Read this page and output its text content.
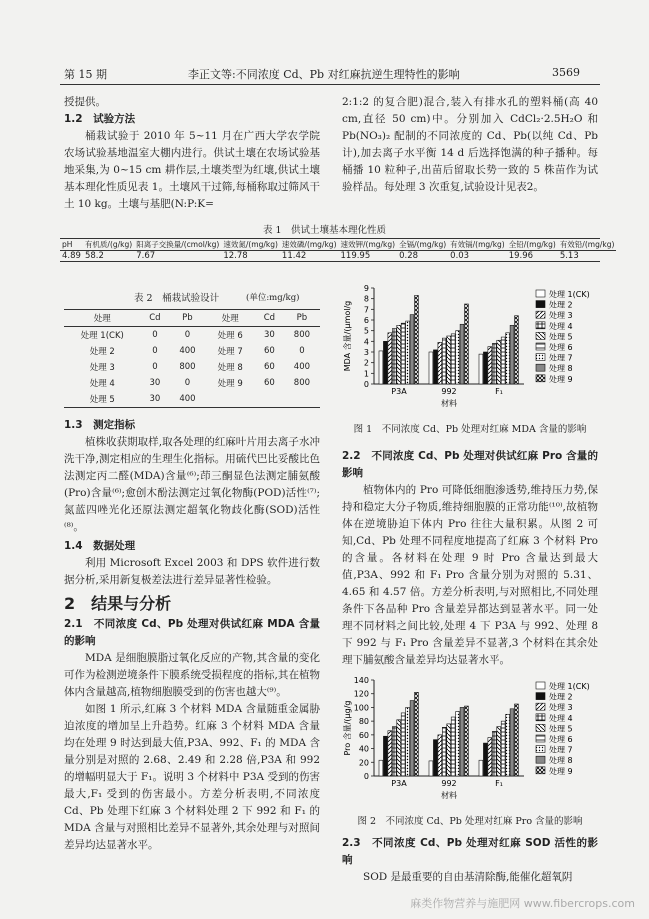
第 15 期	李正文等:不同浓度 Cd、Pb 对红麻抗逆生理特性的影响	3569

授提供。

1.2　试验方法

桶栽试验于 2010 年 5~11 月在广西大学农学院农场试验基地温室大棚内进行。供试土壤在农场试验基地采集,为 0~15 cm 耕作层,土壤类型为红壤,供试土壤基本理化性质见表 1。土壤风干过筛,每桶称取过筛风干土 10 kg。土壤与基肥(N:P:K=

2:1:2 的复合肥)混合,装入有排水孔的塑料桶(高 40 cm,直径 50 cm)中。分别加入 CdCl₂·2.5H₂O 和 Pb(NO₃)₂ 配制的不同浓度的 Cd、Pb(以纯 Cd、Pb 计),加去离子水平衡 14 d 后选择饱满的种子播种。每桶播 10 粒种子,出苗后留取长势一致的 5 株苗作为试验样品。每处理 3 次重复,试验设计见表2。

表 1　供试土壤基本理化性质
pH	有机质/(g/kg)	阳离子交换量/(cmol/kg)	速效氮/(mg/kg)	速效磷/(mg/kg)	速效钾/(mg/kg)	全镉/(mg/kg)	有效镉/(mg/kg)	全铅/(mg/kg)	有效铅/(mg/kg)
4.89	58.2	7.67	12.78	11.42	119.95	0.28	0.03	19.96	5.13
表 2　桶栽试验设计	(单位:mg/kg)
处理	Cd	Pb	处理	Cd	Pb
处理 1(CK)	0	0	处理 6	30	800
处理 2	0	400	处理 7	60	0
处理 3	0	800	处理 8	60	400
处理 4	30	0	处理 9	60	800
处理 5	30	400			

1.3　测定指标

植株收获期取样,取各处理的红麻叶片用去离子水冲洗干净,测定相应的生理生化指标。用硫代巴比妥酸比色法测定丙二醛(MDA)含量⁽⁶⁾;茚三酮显色法测定脯氨酸(Pro)含量⁽⁶⁾;愈创木酚法测定过氧化物酶(POD)活性⁽⁷⁾;氮蓝四唑光化还原法测定超氧化物歧化酶(SOD)活性⁽⁸⁾。

1.4　数据处理

利用 Microsoft Excel 2003 和 DPS 软件进行数据分析,采用新复极差法进行差异显著性检验。

2　结果与分析

2.1　不同浓度 Cd、Pb 处理对供试红麻 MDA 含量的影响

MDA 是细胞膜脂过氧化反应的产物,其含量的变化可作为检测逆境条件下膜系统受损程度的指标,其在植物体内含量越高,植物细胞膜受到的伤害也越大⁽⁹⁾。

如图 1 所示,红麻 3 个材料 MDA 含量随重金属胁迫浓度的增加呈上升趋势。红麻 3 个材料 MDA 含量均在处理 9 时达到最大值,P3A、992、F₁ 的 MDA 含量分别是对照的 2.68、2.49 和 2.28 倍,P3A 和 992 的增幅明显大于 F₁。说明 3 个材料中 P3A 受到的伤害最大,F₁ 受到的伤害最小。方差分析表明,不同浓度 Cd、Pb 处理下红麻 3 个材料处理 2 下 992 和 F₁ 的 MDA 含量与对照相比差异不显著外,其余处理与对照间差异均达显著水平。

0
1
2
3
4
5
6
7
8
9
MDA 含量/(μmol/g
P3A	992	F₁
材料
处理 1(CK)
处理 2
处理 3
处理 4
处理 5
处理 6
处理 7
处理 8
处理 9
图 1　不同浓度 Cd、Pb 处理对红麻 MDA 含量的影响

2.2　不同浓度 Cd、Pb 处理对供试红麻 Pro 含量的影响

植物体内的 Pro 可降低细胞渗透势,维持压力势,保持和稳定大分子物质,维持细胞膜的正常功能⁽¹⁰⁾,故植物体在逆境胁迫下体内 Pro 往往大量积累。从图 2 可知,Cd、Pb 处理不同程度地提高了红麻 3 个材料 Pro 的含量。各材料在处理 9 时 Pro 含量达到最大值,P3A、992 和 F₁ Pro 含量分别为对照的 5.31、4.65 和 4.57 倍。方差分析表明,与对照相比,不同处理条件下各品种 Pro 含量差异都达到显著水平。同一处理不同材料之间比较,处理 4 下 P3A 与 992、处理 8 下 992 与 F₁ Pro 含量差异不显著,3 个材料在其余处理下脯氨酸含量差异均达显著水平。

0
20
40
60
80
100
120
140
Pro 含量/(μg/g
P3A	992	F₁
材料
处理 1(CK)
处理 2
处理 3
处理 4
处理 5
处理 6
处理 7
处理 8
处理 9
图 2　不同浓度 Cd、Pb 处理对红麻 Pro 含量的影响

2.3　不同浓度 Cd、Pb 处理对红麻 SOD 活性的影响

SOD 是最重要的自由基清除酶,能催化超氧阴

麻类作物营养与施肥网 www.fibercrops.com
